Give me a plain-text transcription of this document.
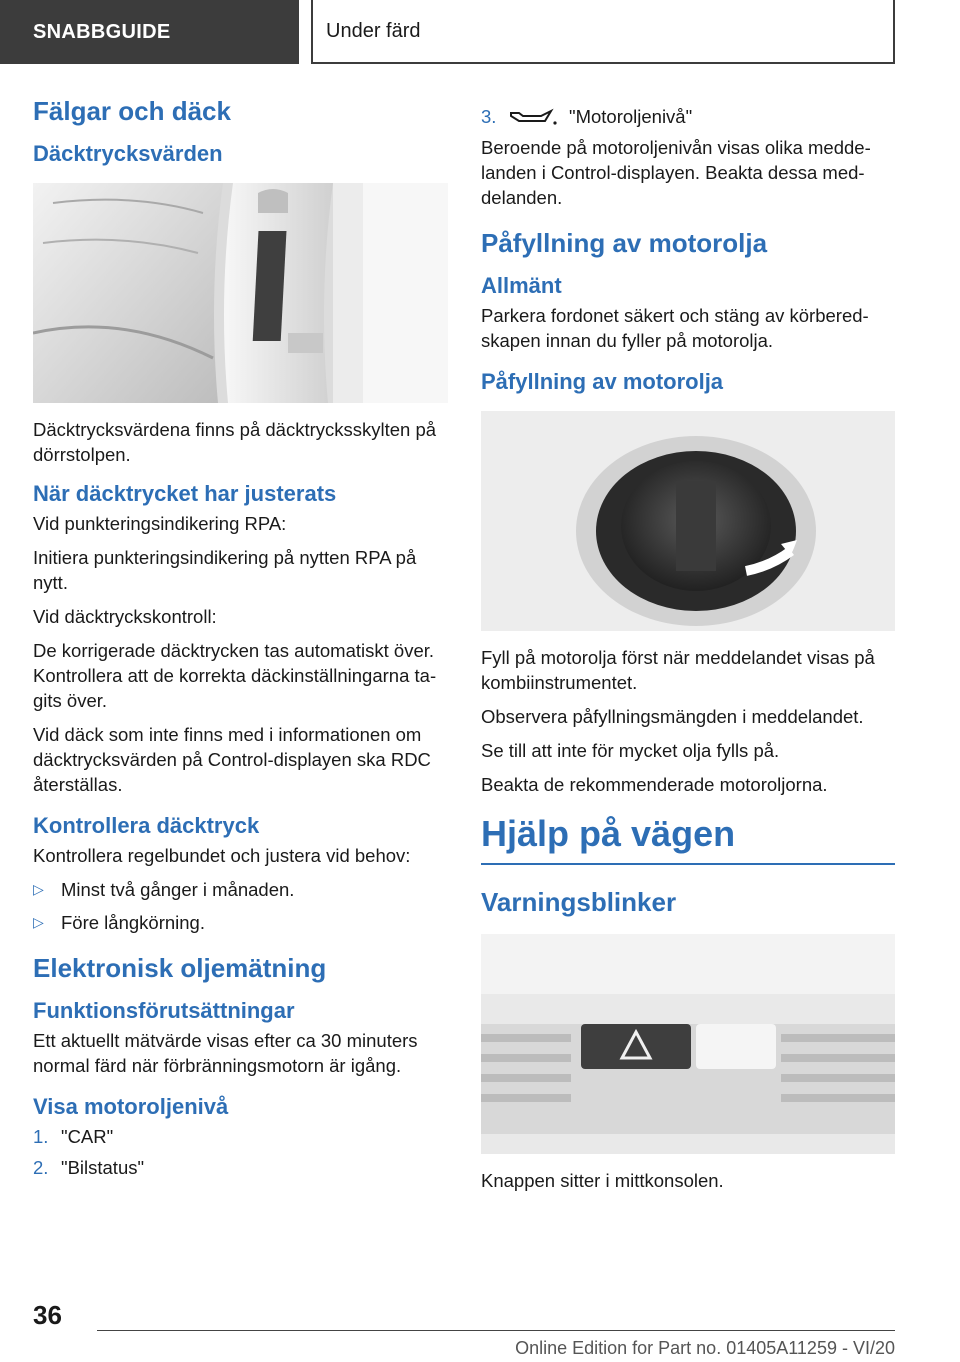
SNABBGUIDE	Under färd
Fälgar och däck
Däcktrycksvärden

Däcktrycksvärdena finns på däcktrycksskylten på dörrstolpen.

När däcktrycket har justerats

Vid punkteringsindikering RPA:

Initiera punkteringsindikering på nytten RPA på nytt.

Vid däcktryckskontroll:

De korrigerade däcktrycken tas automatiskt över. Kontrollera att de korrekta däckinställningarna ta-gits över.

Vid däck som inte finns med i informationen om däcktrycksvärden på Control-displayen ska RDC återställas.

Kontrollera däcktryck

Kontrollera regelbundet och justera vid behov:

▷ Minst två gånger i månaden.
▷ Före långkörning.
Elektronisk oljemätning
Funktionsförutsättningar

Ett aktuellt mätvärde visas efter ca 30 minuters normal färd när förbränningsmotorn är igång.

Visa motoroljenivå
1. "CAR"
2. "Bilstatus"
3.	"Motoroljenivå"

Beroende på motoroljenivån visas olika medde-landen i Control-displayen. Beakta dessa med-delanden.

Påfyllning av motorolja
Allmänt

Parkera fordonet säkert och stäng av körbered-skapen innan du fyller på motorolja.

Påfyllning av motorolja

Fyll på motorolja först när meddelandet visas på kombiinstrumentet.

Observera påfyllningsmängden i meddelandet.

Se till att inte för mycket olja fylls på.

Beakta de rekommenderade motoroljorna.

Hjälp på vägen
Varningsblinker

Knappen sitter i mittkonsolen.

36
Online Edition for Part no. 01405A11259 - VI/20
